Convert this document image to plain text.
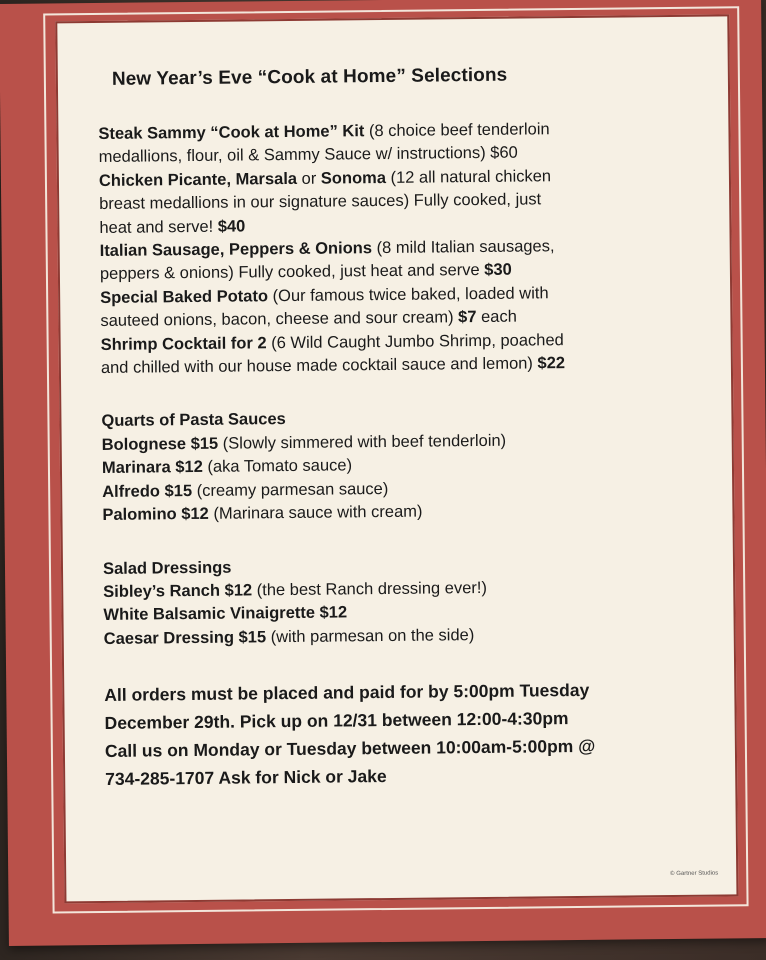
New Year’s Eve “Cook at Home” Selections
Steak Sammy “Cook at Home” Kit (8 choice beef tenderloin
medallions, flour, oil & Sammy Sauce w/ instructions) $60
Chicken Picante, Marsala or Sonoma (12 all natural chicken
breast medallions in our signature sauces) Fully cooked, just
heat and serve! $40
Italian Sausage, Peppers & Onions (8 mild Italian sausages,
peppers & onions) Fully cooked, just heat and serve $30
Special Baked Potato (Our famous twice baked, loaded with
sauteed onions, bacon, cheese and sour cream) $7 each
Shrimp Cocktail for 2 (6 Wild Caught Jumbo Shrimp, poached
and chilled with our house made cocktail sauce and lemon) $22
Quarts of Pasta Sauces
Bolognese $15 (Slowly simmered with beef tenderloin)
Marinara $12 (aka Tomato sauce)
Alfredo $15 (creamy parmesan sauce)
Palomino $12 (Marinara sauce with cream)
Salad Dressings
Sibley’s Ranch $12 (the best Ranch dressing ever!)
White Balsamic Vinaigrette $12
Caesar Dressing $15 (with parmesan on the side)
All orders must be placed and paid for by 5:00pm Tuesday
December 29th. Pick up on 12/31 between 12:00-4:30pm
Call us on Monday or Tuesday between 10:00am-5:00pm @
734-285-1707 Ask for Nick or Jake
© Gartner Studios
